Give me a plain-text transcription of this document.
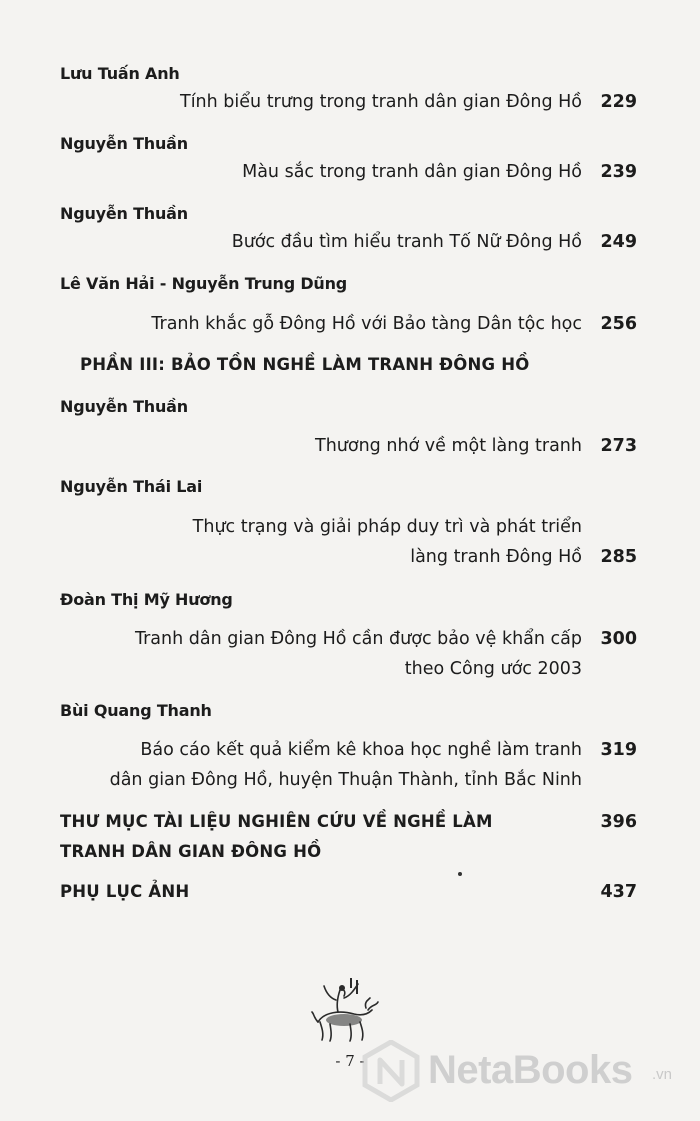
Lưu Tuấn Anh
Tính biểu trưng trong tranh dân gian Đông Hồ 229
Nguyễn Thuần
Màu sắc trong tranh dân gian Đông Hồ 239
Nguyễn Thuần
Bước đầu tìm hiểu tranh Tố Nữ Đông Hồ 249
Lê Văn Hải - Nguyễn Trung Dũng
Tranh khắc gỗ Đông Hồ với Bảo tàng Dân tộc học 256
PHẦN III: BẢO TỒN NGHỀ LÀM TRANH ĐÔNG HỒ
Nguyễn Thuần
Thương nhớ về một làng tranh 273
Nguyễn Thái Lai
Thực trạng và giải pháp duy trì và phát triển
làng tranh Đông Hồ 285
Đoàn Thị Mỹ Hương
Tranh dân gian Đông Hồ cần được bảo vệ khẩn cấp 300
theo Công ước 2003
Bùi Quang Thanh
Báo cáo kết quả kiểm kê khoa học nghề làm tranh 319
dân gian Đông Hồ, huyện Thuận Thành, tỉnh Bắc Ninh
THƯ MỤC TÀI LIỆU NGHIÊN CỨU VỀ NGHỀ LÀM	396
TRANH DÂN GIAN ĐÔNG HỒ
PHỤ LỤC ẢNH	437
- 7 -	NetaBooks .vn
